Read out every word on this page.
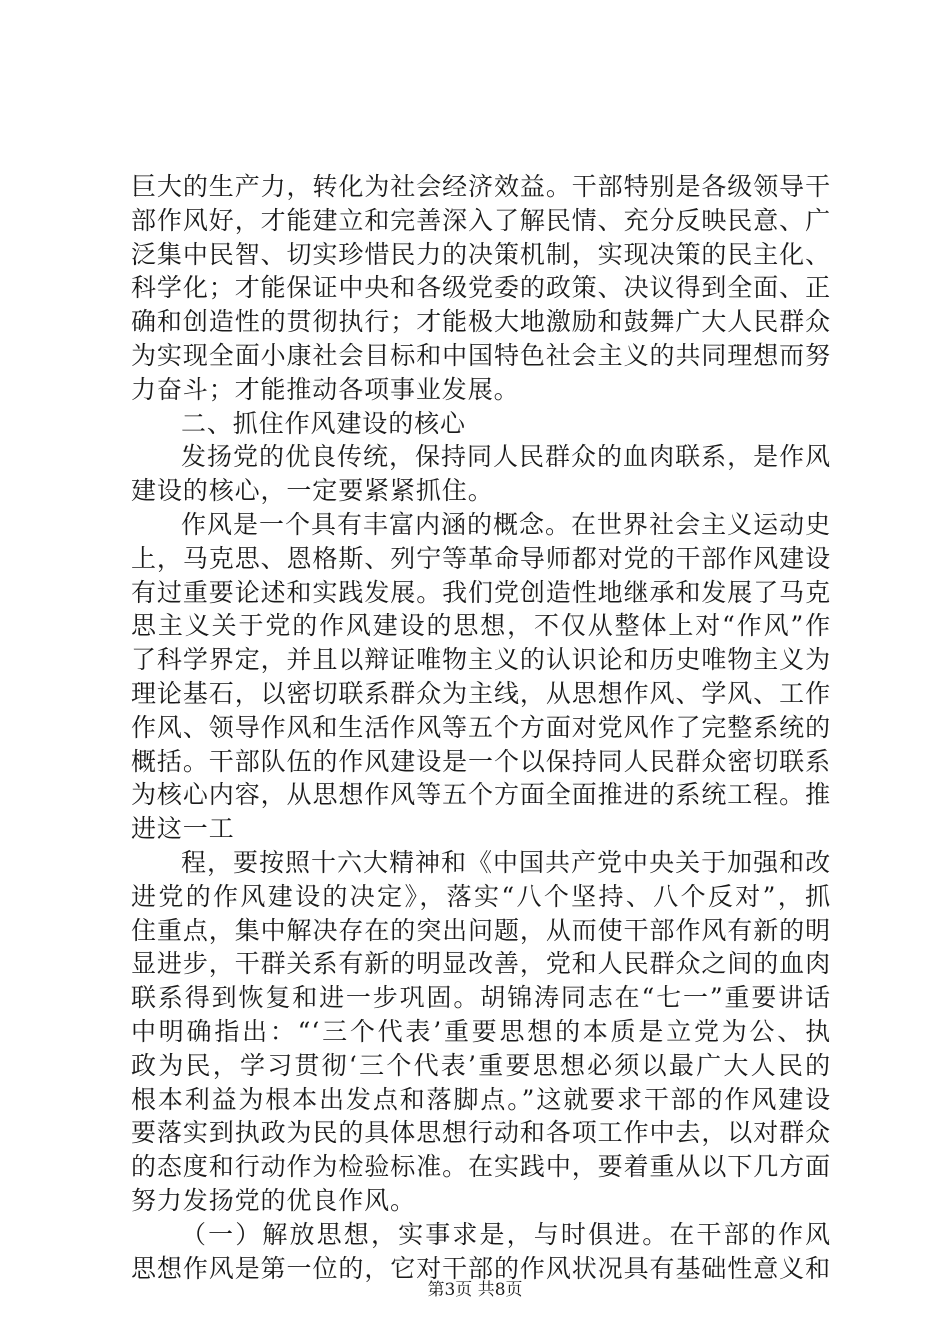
巨大的生产力，转化为社会经济效益。干部特别是各级领导干
部作风好，才能建立和完善深入了解民情、充分反映民意、广
泛集中民智、切实珍惜民力的决策机制，实现决策的民主化、
科学化；才能保证中央和各级党委的政策、决议得到全面、正
确和创造性的贯彻执行；才能极大地激励和鼓舞广大人民群众
为实现全面小康社会目标和中国特色社会主义的共同理想而努
力奋斗；才能推动各项事业发展。
二、抓住作风建设的核心
发扬党的优良传统，保持同人民群众的血肉联系，是作风
建设的核心，一定要紧紧抓住。
作风是一个具有丰富内涵的概念。在世界社会主义运动史
上，马克思、恩格斯、列宁等革命导师都对党的干部作风建设
有过重要论述和实践发展。我们党创造性地继承和发展了马克
思主义关于党的作风建设的思想，不仅从整体上对“作风”作
了科学界定，并且以辩证唯物主义的认识论和历史唯物主义为
理论基石，以密切联系群众为主线，从思想作风、学风、工作
作风、领导作风和生活作风等五个方面对党风作了完整系统的
概括。干部队伍的作风建设是一个以保持同人民群众密切联系
为核心内容，从思想作风等五个方面全面推进的系统工程。推
进这一工
程，要按照十六大精神和《中国共产党中央关于加强和改
进党的作风建设的决定》，落实“八个坚持、八个反对”，抓
住重点，集中解决存在的突出问题，从而使干部作风有新的明
显进步，干群关系有新的明显改善，党和人民群众之间的血肉
联系得到恢复和进一步巩固。胡锦涛同志在“七一”重要讲话
中明确指出：“‘三个代表’重要思想的本质是立党为公、执
政为民，学习贯彻‘三个代表’重要思想必须以最广大人民的
根本利益为根本出发点和落脚点。”这就要求干部的作风建设
要落实到执政为民的具体思想行动和各项工作中去，以对群众
的态度和行动作为检验标准。在实践中，要着重从以下几方面
努力发扬党的优良作风。
（一）解放思想，实事求是，与时俱进。在干部的作风
思想作风是第一位的，它对干部的作风状况具有基础性意义和
第3页 共8页
